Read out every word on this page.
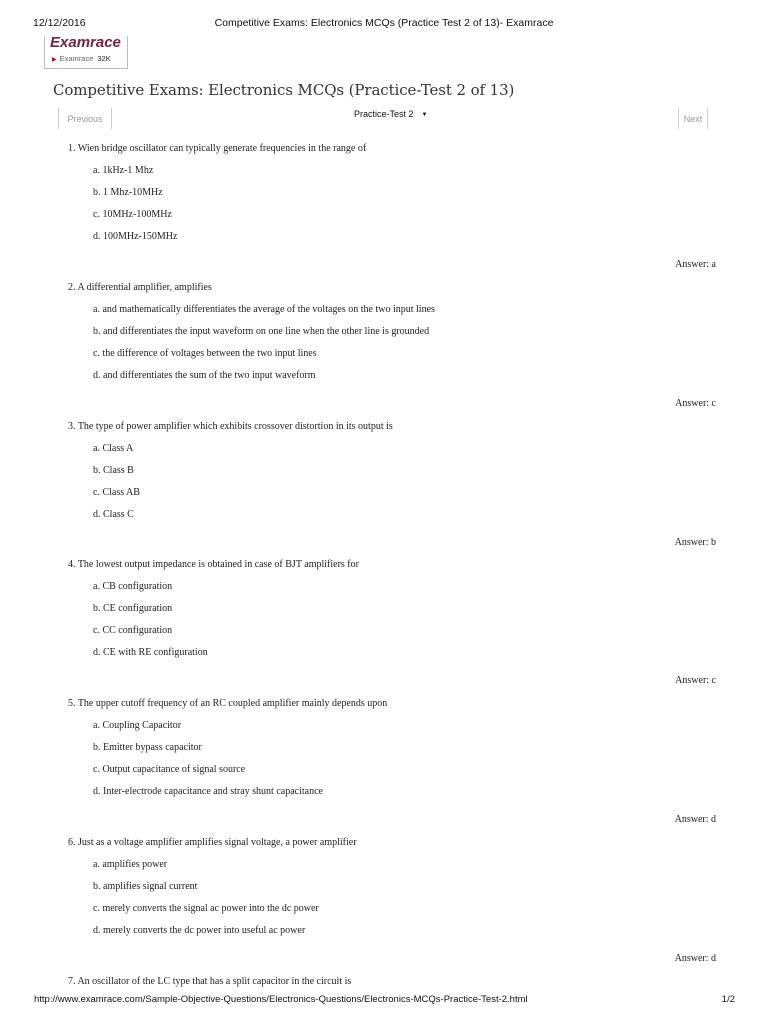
12/12/2016	Competitive Exams: Electronics MCQs (Practice Test 2 of 13)- Examrace
Examrace
▶ Examrace 32K
Competitive Exams: Electronics MCQs (Practice-Test 2 of 13)
Previous	Practice-Test 2 ▼	Next
1. Wien bridge oscillator can typically generate frequencies in the range of
a. 1kHz-1 Mhz
b. 1 Mhz-10MHz
c. 10MHz-100MHz
d. 100MHz-150MHz
Answer: a
2. A differential amplifier, amplifies
a. and mathematically differentiates the average of the voltages on the two input lines
b. and differentiates the input waveform on one line when the other line is grounded
c. the difference of voltages between the two input lines
d. and differentiates the sum of the two input waveform
Answer: c
3. The type of power amplifier which exhibits crossover distortion in its output is
a. Class A
b. Class B
c. Class AB
d. Class C
Answer: b
4. The lowest output impedance is obtained in case of BJT amplifiers for
a. CB configuration
b. CE configuration
c. CC configuration
d. CE with RE configuration
Answer: c
5. The upper cutoff frequency of an RC coupled amplifier mainly depends upon
a. Coupling Capacitor
b. Emitter bypass capacitor
c. Output capacitance of signal source
d. Inter-electrode capacitance and stray shunt capacitance
Answer: d
6. Just as a voltage amplifier amplifies signal voltage, a power amplifier
a. amplifies power
b. amplifies signal current
c. merely converts the signal ac power into the dc power
d. merely converts the dc power into useful ac power
Answer: d
7. An oscillator of the LC type that has a split capacitor in the circuit is
http://www.examrace.com/Sample-Objective-Questions/Electronics-Questions/Electronics-MCQs-Practice-Test-2.html	1/2
